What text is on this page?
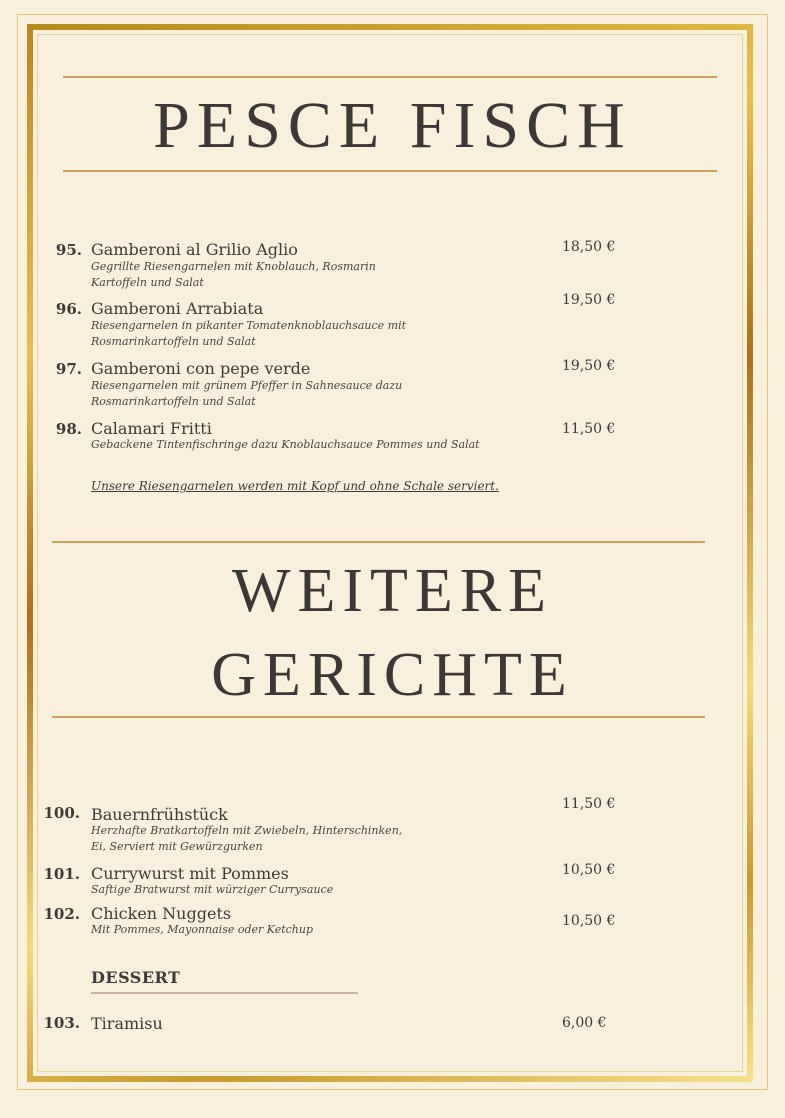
PESCE FISCH
95. Gamberoni al Grilio Aglio
Gegrillte Riesengarnelen mit Knoblauch, Rosmarin
Kartoffeln und Salat
18,50 €
96. Gamberoni Arrabiata
Riesengarnelen in pikanter Tomatenknoblauchsauce mit
Rosmarinkartoffeln und Salat
19,50 €
97. Gamberoni con pepe verde
Riesengarnelen mit grünem Pfeffer in Sahnesauce dazu
Rosmarinkartoffeln und Salat
19,50 €
98. Calamari Fritti
Gebackene Tintenfischringe dazu Knoblauchsauce Pommes und Salat
11,50 €
Unsere Riesengarnelen werden mit Kopf und ohne Schale serviert.
WEITERE
GERICHTE
100. Bauernfrühstück
Herzhafte Bratkartoffeln mit Zwiebeln, Hinterschinken,
Ei, Serviert mit Gewürzgurken
11,50 €
101. Currywurst mit Pommes
Saftige Bratwurst mit würziger Currysauce
10,50 €
102. Chicken Nuggets
Mit Pommes, Mayonnaise oder Ketchup
10,50 €
DESSERT
103. Tiramisu	6,00 €
